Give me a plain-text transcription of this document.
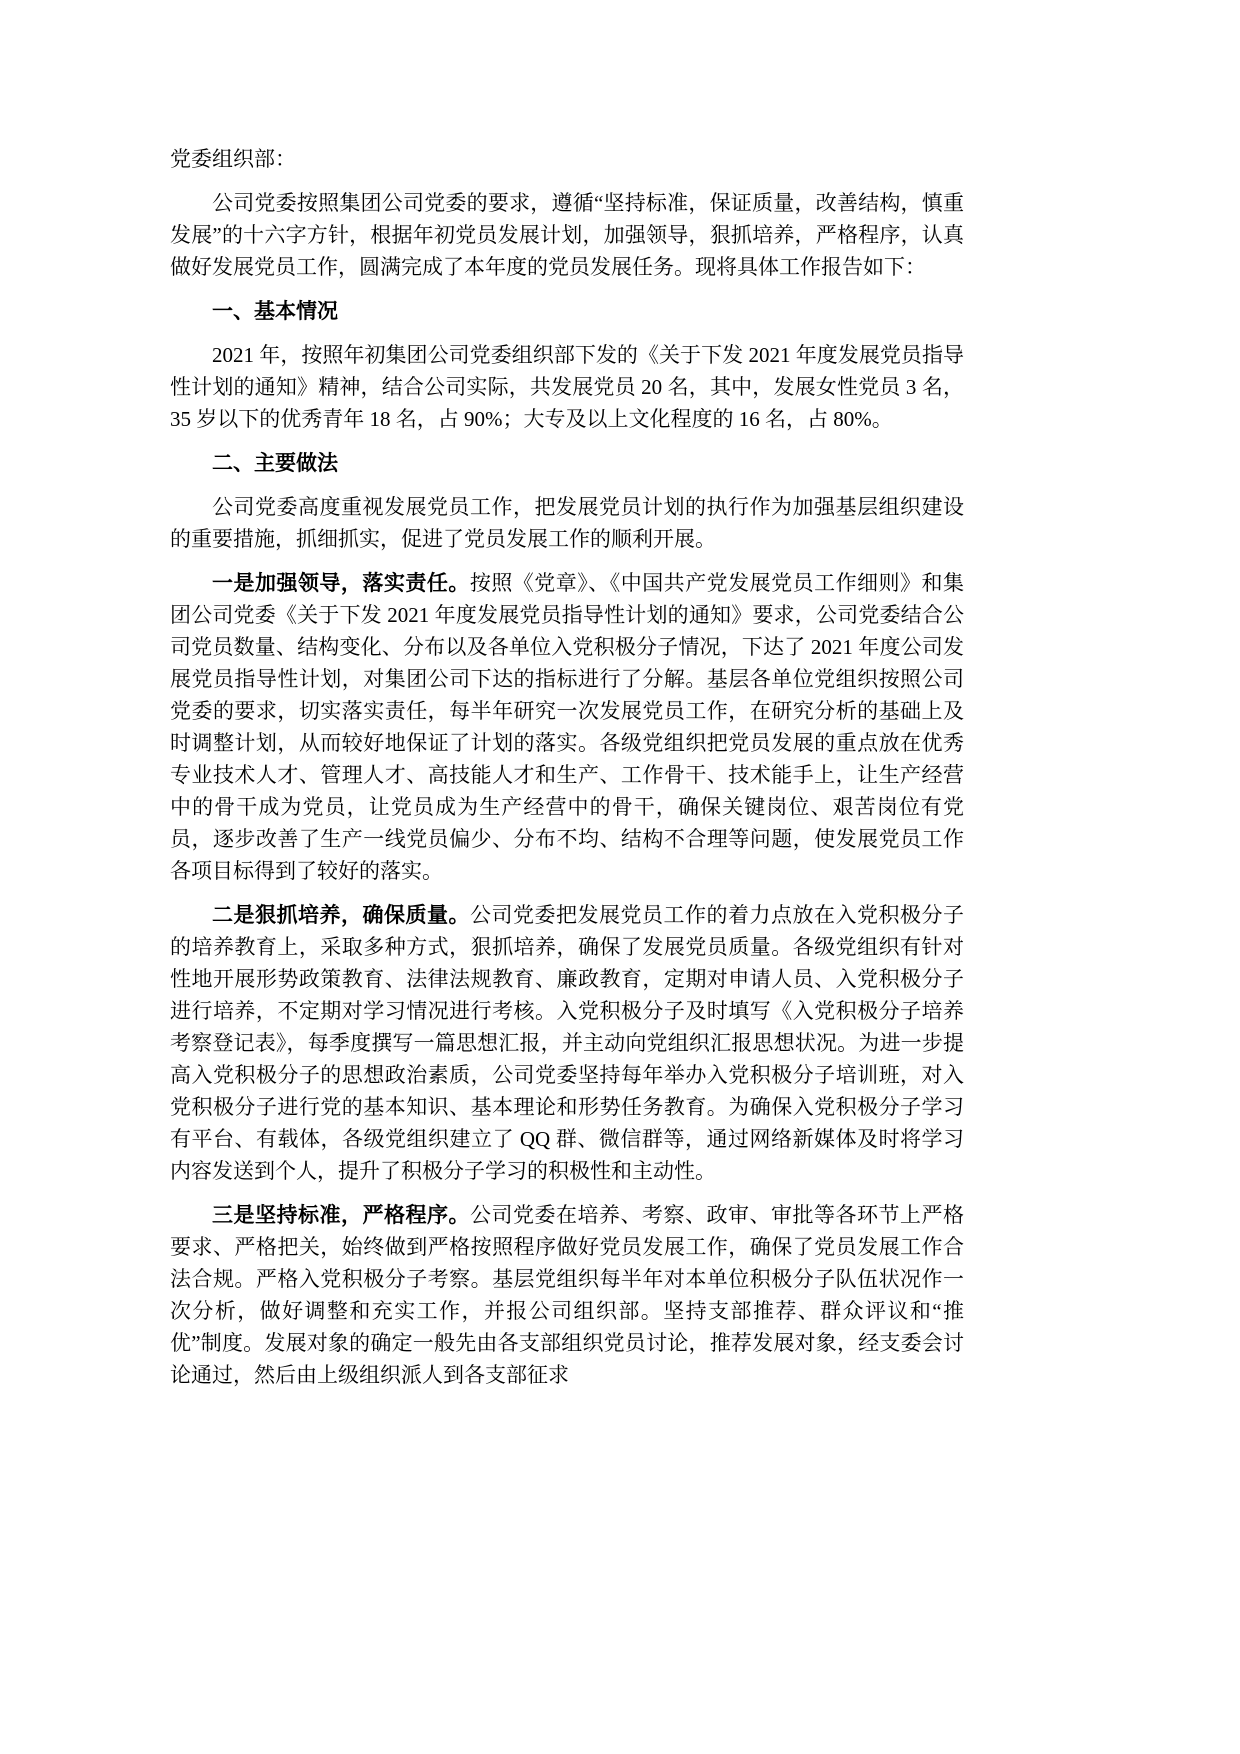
党委组织部：

公司党委按照集团公司党委的要求，遵循“坚持标准，保证质量，改善结构，慎重发展”的十六字方针，根据年初党员发展计划，加强领导，狠抓培养，严格程序，认真做好发展党员工作，圆满完成了本年度的党员发展任务。现将具体工作报告如下：

一、基本情况

2021 年，按照年初集团公司党委组织部下发的《关于下发 2021 年度发展党员指导性计划的通知》精神，结合公司实际，共发展党员 20 名，其中，发展女性党员 3 名，35 岁以下的优秀青年 18 名，占 90%；大专及以上文化程度的 16 名，占 80%。

二、主要做法

公司党委高度重视发展党员工作，把发展党员计划的执行作为加强基层组织建设的重要措施，抓细抓实，促进了党员发展工作的顺利开展。

一是加强领导，落实责任。按照《党章》、《中国共产党发展党员工作细则》和集团公司党委《关于下发 2021 年度发展党员指导性计划的通知》要求，公司党委结合公司党员数量、结构变化、分布以及各单位入党积极分子情况，下达了 2021 年度公司发展党员指导性计划，对集团公司下达的指标进行了分解。基层各单位党组织按照公司党委的要求，切实落实责任，每半年研究一次发展党员工作，在研究分析的基础上及时调整计划，从而较好地保证了计划的落实。各级党组织把党员发展的重点放在优秀专业技术人才、管理人才、高技能人才和生产、工作骨干、技术能手上，让生产经营中的骨干成为党员，让党员成为生产经营中的骨干，确保关键岗位、艰苦岗位有党员，逐步改善了生产一线党员偏少、分布不均、结构不合理等问题，使发展党员工作各项目标得到了较好的落实。

二是狠抓培养，确保质量。公司党委把发展党员工作的着力点放在入党积极分子的培养教育上，采取多种方式，狠抓培养，确保了发展党员质量。各级党组织有针对性地开展形势政策教育、法律法规教育、廉政教育，定期对申请人员、入党积极分子进行培养，不定期对学习情况进行考核。入党积极分子及时填写《入党积极分子培养考察登记表》，每季度撰写一篇思想汇报，并主动向党组织汇报思想状况。为进一步提高入党积极分子的思想政治素质，公司党委坚持每年举办入党积极分子培训班，对入党积极分子进行党的基本知识、基本理论和形势任务教育。为确保入党积极分子学习有平台、有载体，各级党组织建立了 QQ 群、微信群等，通过网络新媒体及时将学习内容发送到个人，提升了积极分子学习的积极性和主动性。

三是坚持标准，严格程序。公司党委在培养、考察、政审、审批等各环节上严格要求、严格把关，始终做到严格按照程序做好党员发展工作，确保了党员发展工作合法合规。严格入党积极分子考察。基层党组织每半年对本单位积极分子队伍状况作一次分析，做好调整和充实工作，并报公司组织部。坚持支部推荐、群众评议和“推优”制度。发展对象的确定一般先由各支部组织党员讨论，推荐发展对象，经支委会讨论通过，然后由上级组织派人到各支部征求
